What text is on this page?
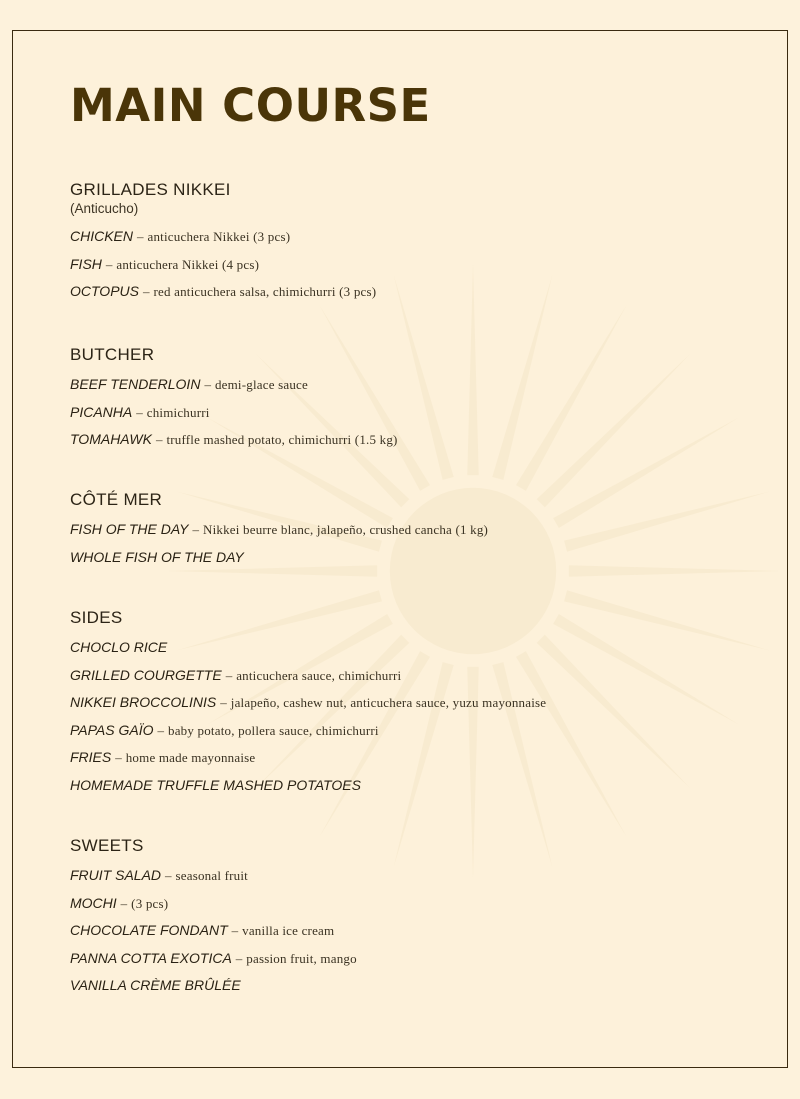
MAIN COURSE
GRILLADES NIKKEI
(Anticucho)
CHICKEN – anticuchera Nikkei (3 pcs)
FISH – anticuchera Nikkei (4 pcs)
OCTOPUS – red anticuchera salsa, chimichurri (3 pcs)
BUTCHER
BEEF TENDERLOIN – demi-glace sauce
PICANHA – chimichurri
TOMAHAWK – truffle mashed potato, chimichurri (1.5 kg)
CÔTÉ MER
FISH OF THE DAY – Nikkei beurre blanc, jalapeño, crushed cancha (1 kg)
WHOLE FISH OF THE DAY
SIDES
CHOCLO RICE
GRILLED COURGETTE – anticuchera sauce, chimichurri
NIKKEI BROCCOLINIS – jalapeño, cashew nut, anticuchera sauce, yuzu mayonnaise
PAPAS GAÏO – baby potato, pollera sauce, chimichurri
FRIES – home made mayonnaise
HOMEMADE TRUFFLE MASHED POTATOES
SWEETS
FRUIT SALAD – seasonal fruit
MOCHI – (3 pcs)
CHOCOLATE FONDANT – vanilla ice cream
PANNA COTTA EXOTICA – passion fruit, mango
VANILLA CRÈME BRÛLÉE
